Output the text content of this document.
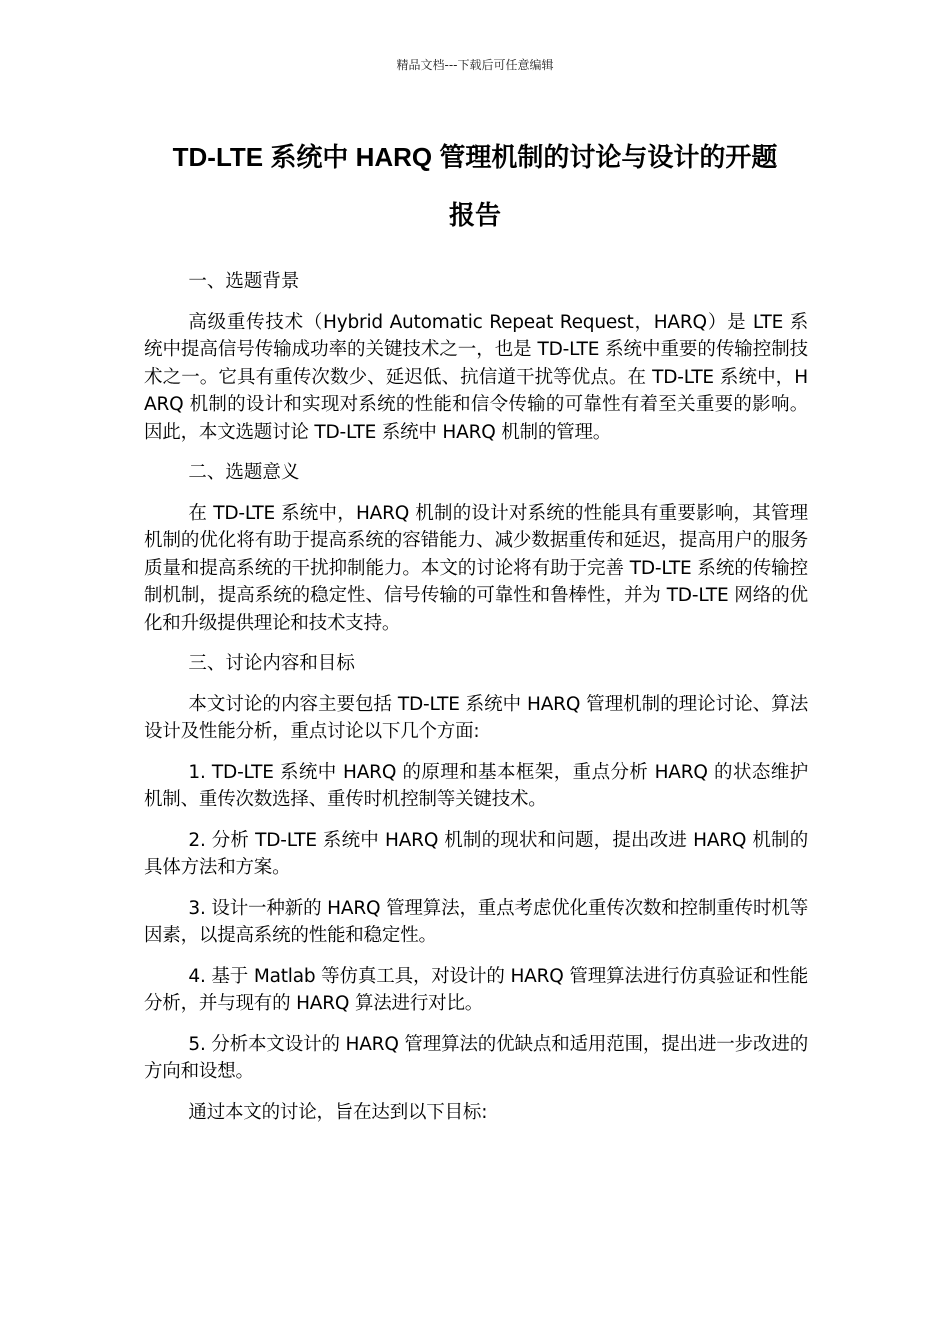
精品文档---下载后可任意编辑
TD-LTE 系统中 HARQ 管理机制的讨论与设计的开题
报告

一、选题背景

高级重传技术（Hybrid Automatic Repeat Request，HARQ）是 LTE 系统中提高信号传输成功率的关键技术之一，也是 TD-LTE 系统中重要的传输控制技术之一。它具有重传次数少、延迟低、抗信道干扰等优点。在 TD-LTE 系统中，HARQ 机制的设计和实现对系统的性能和信令传输的可靠性有着至关重要的影响。因此，本文选题讨论 TD-LTE 系统中 HARQ 机制的管理。

二、选题意义

在 TD-LTE 系统中，HARQ 机制的设计对系统的性能具有重要影响，其管理机制的优化将有助于提高系统的容错能力、减少数据重传和延迟，提高用户的服务质量和提高系统的干扰抑制能力。本文的讨论将有助于完善 TD-LTE 系统的传输控制机制，提高系统的稳定性、信号传输的可靠性和鲁棒性，并为 TD-LTE 网络的优化和升级提供理论和技术支持。

三、讨论内容和目标

本文讨论的内容主要包括 TD-LTE 系统中 HARQ 管理机制的理论讨论、算法设计及性能分析，重点讨论以下几个方面:

1. TD-LTE 系统中 HARQ 的原理和基本框架，重点分析 HARQ 的状态维护机制、重传次数选择、重传时机控制等关键技术。

2. 分析 TD-LTE 系统中 HARQ 机制的现状和问题，提出改进 HARQ 机制的具体方法和方案。

3. 设计一种新的 HARQ 管理算法，重点考虑优化重传次数和控制重传时机等因素，以提高系统的性能和稳定性。

4. 基于 Matlab 等仿真工具，对设计的 HARQ 管理算法进行仿真验证和性能分析，并与现有的 HARQ 算法进行对比。

5. 分析本文设计的 HARQ 管理算法的优缺点和适用范围，提出进一步改进的方向和设想。

通过本文的讨论，旨在达到以下目标:
